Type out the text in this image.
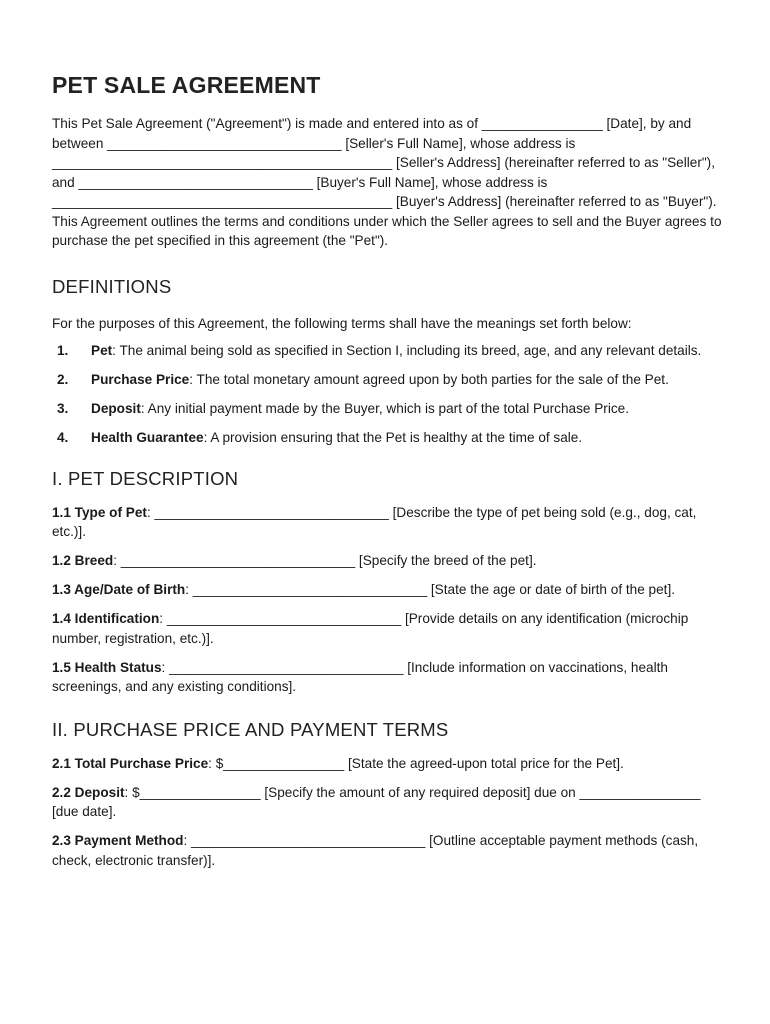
PET SALE AGREEMENT

This Pet Sale Agreement ("Agreement") is made and entered into as of ________________ [Date], by and between _______________________________ [Seller's Full Name], whose address is _____________________________________________ [Seller's Address] (hereinafter referred to as "Seller"), and _______________________________ [Buyer's Full Name], whose address is _____________________________________________ [Buyer's Address] (hereinafter referred to as "Buyer"). This Agreement outlines the terms and conditions under which the Seller agrees to sell and the Buyer agrees to purchase the pet specified in this agreement (the "Pet").

DEFINITIONS

For the purposes of this Agreement, the following terms shall have the meanings set forth below:

1.	Pet: The animal being sold as specified in Section I, including its breed, age, and any relevant details.
2.	Purchase Price: The total monetary amount agreed upon by both parties for the sale of the Pet.
3.	Deposit: Any initial payment made by the Buyer, which is part of the total Purchase Price.
4.	Health Guarantee: A provision ensuring that the Pet is healthy at the time of sale.
I. PET DESCRIPTION

1.1 Type of Pet: _______________________________ [Describe the type of pet being sold (e.g., dog, cat, etc.)].

1.2 Breed: _______________________________ [Specify the breed of the pet].

1.3 Age/Date of Birth: _______________________________ [State the age or date of birth of the pet].

1.4 Identification: _______________________________ [Provide details on any identification (microchip number, registration, etc.)].

1.5 Health Status: _______________________________ [Include information on vaccinations, health screenings, and any existing conditions].

II. PURCHASE PRICE AND PAYMENT TERMS

2.1 Total Purchase Price: $________________ [State the agreed-upon total price for the Pet].

2.2 Deposit: $________________ [Specify the amount of any required deposit] due on ________________ [due date].

2.3 Payment Method: _______________________________ [Outline acceptable payment methods (cash, check, electronic transfer)].
